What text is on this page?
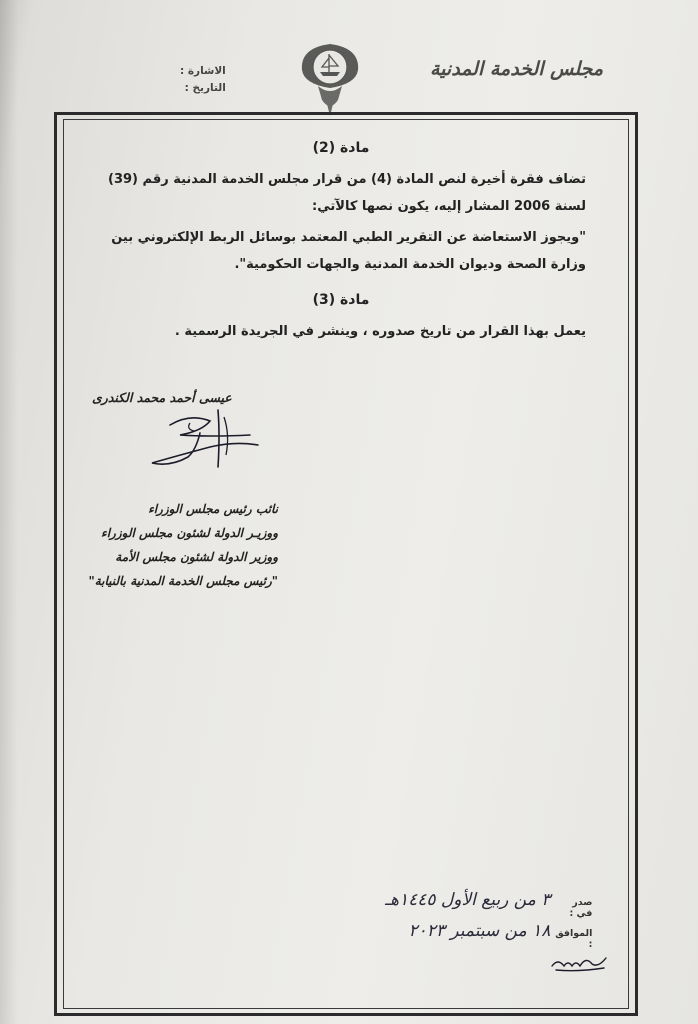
مجلس الخدمة المدنية
الاشارة :
التاريخ :

مادة (2)

تضاف فقرة أخيرة لنص المادة (4) من قرار مجلس الخدمة المدنية رقم (39) لسنة 2006 المشار إليه، يكون نصها كالآتي:

"ويجوز الاستعاضة عن التقرير الطبي المعتمد بوسائل الربط الإلكتروني بين وزارة الصحة وديوان الخدمة المدنية والجهات الحكومية".

مادة (3)

يعمل بهذا القرار من تاريخ صدوره ، وينشر في الجريدة الرسمية .

عيسى أحمد محمد الكندرى
نائب رئيس مجلس الوزراء
ووزيـر الدولة لشئون مجلس الوزراء
ووزير الدولة لشئون مجلس الأمة
"رئيس مجلس الخدمة المدنية بالنيابة"
صدر في :
٣ من ربيع الأول ١٤٤٥هـ
الموافق :
١٨ من سبتمبر ٢٠٢٣
